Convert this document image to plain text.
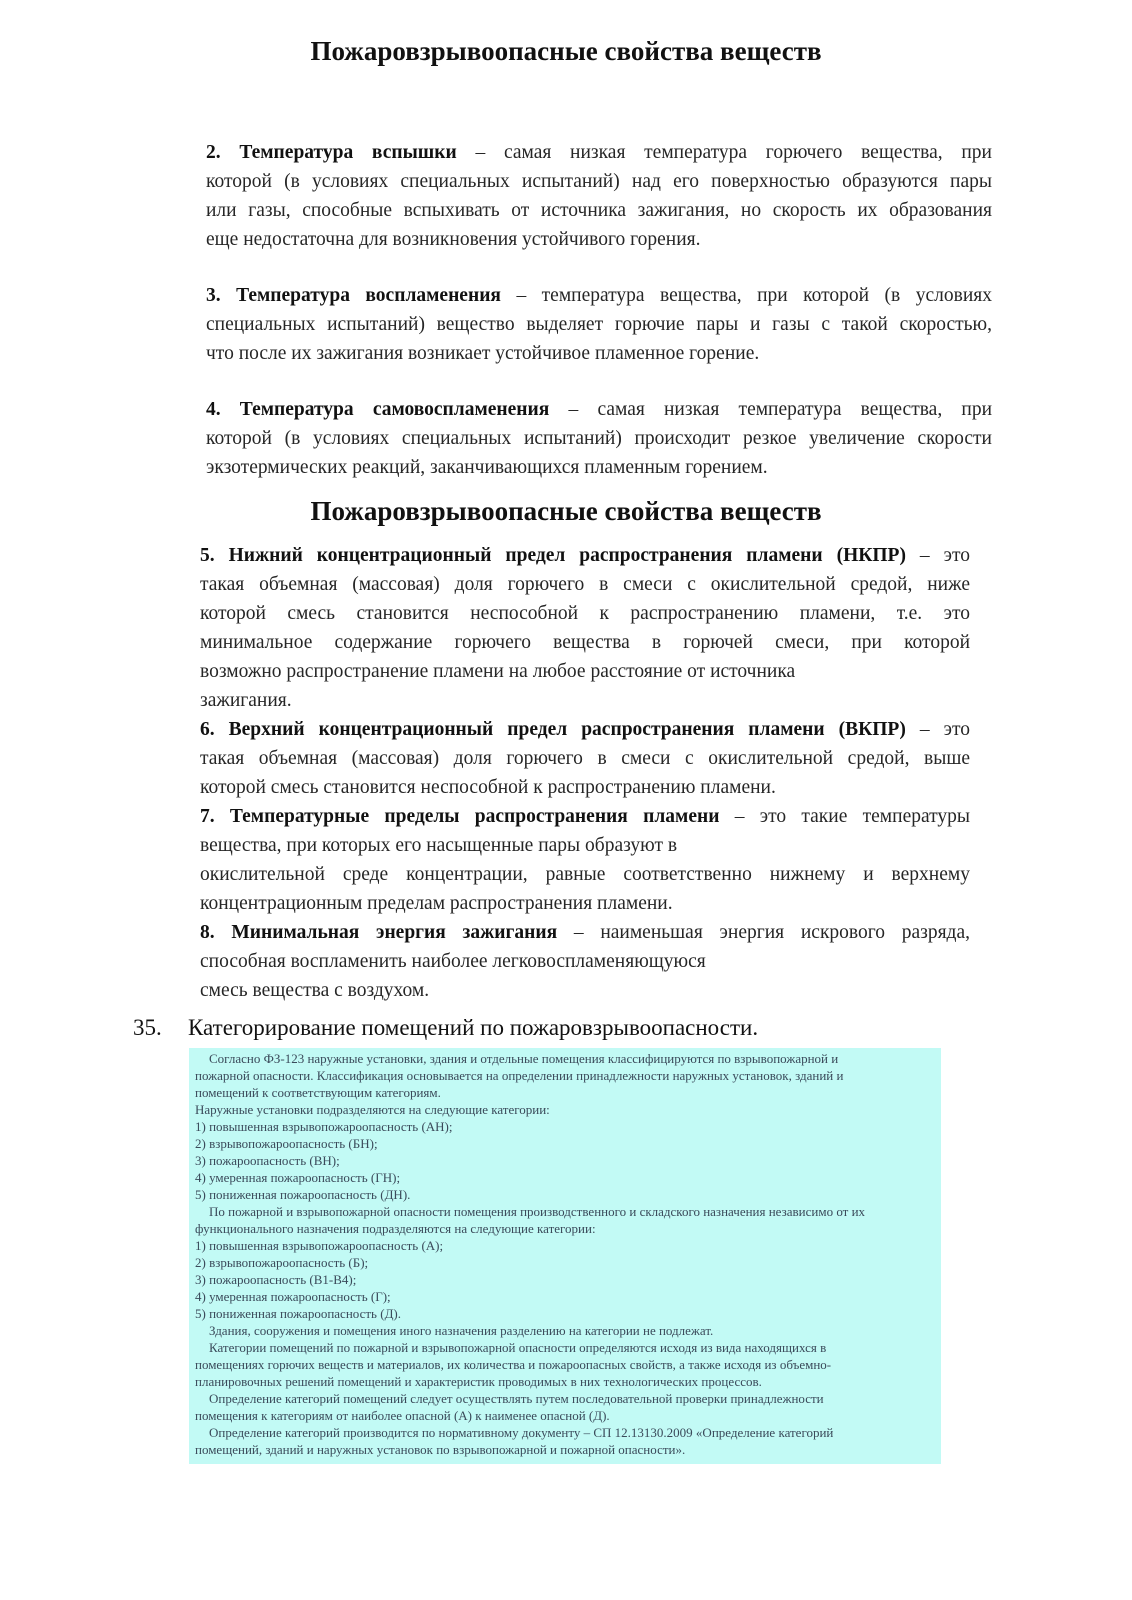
Пожаровзрывоопасные свойства веществ
2. Температура вспышки – самая низкая температура горючего вещества, при
которой (в условиях специальных испытаний) над его поверхностью образуются пары
или газы, способные вспыхивать от источника зажигания, но скорость их образования
еще недостаточна для возникновения устойчивого горения.
3. Температура воспламенения – температура вещества, при которой (в условиях
специальных испытаний) вещество выделяет горючие пары и газы с такой скоростью,
что после их зажигания возникает устойчивое пламенное горение.
4. Температура самовоспламенения – самая низкая температура вещества, при
которой (в условиях специальных испытаний) происходит резкое увеличение скорости
экзотермических реакций, заканчивающихся пламенным горением.
Пожаровзрывоопасные свойства веществ
5. Нижний концентрационный предел распространения пламени (НКПР) – это
такая объемная (массовая) доля горючего в смеси с окислительной средой, ниже
которой смесь становится неспособной к распространению пламени, т.е. это
минимальное содержание горючего вещества в горючей смеси, при которой
возможно распространение пламени на любое расстояние от источника
зажигания.
6. Верхний концентрационный предел распространения пламени (ВКПР) – это
такая объемная (массовая) доля горючего в смеси с окислительной средой, выше
которой смесь становится неспособной к распространению пламени.
7. Температурные пределы распространения пламени – это такие температуры
вещества, при которых его насыщенные пары образуют в
окислительной среде концентрации, равные соответственно нижнему и верхнему
концентрационным пределам распространения пламени.
8. Минимальная энергия зажигания – наименьшая энергия искрового разряда,
способная воспламенить наиболее легковоспламеняющуюся
смесь вещества с воздухом.
35. Категорирование помещений по пожаровзрывоопасности.
Согласно ФЗ-123 наружные установки, здания и отдельные помещения классифицируются по взрывопожарной и
пожарной опасности. Классификация основывается на определении принадлежности наружных установок, зданий и
помещений к соответствующим категориям.
Наружные установки подразделяются на следующие категории:
1) повышенная взрывопожароопасность (АН);
2) взрывопожароопасность (БН);
3) пожароопасность (ВН);
4) умеренная пожароопасность (ГН);
5) пониженная пожароопасность (ДН).
По пожарной и взрывопожарной опасности помещения производственного и складского назначения независимо от их
функционального назначения подразделяются на следующие категории:
1) повышенная взрывопожароопасность (А);
2) взрывопожароопасность (Б);
3) пожароопасность (В1-В4);
4) умеренная пожароопасность (Г);
5) пониженная пожароопасность (Д).
Здания, сооружения и помещения иного назначения разделению на категории не подлежат.
Категории помещений по пожарной и взрывопожарной опасности определяются исходя из вида находящихся в
помещениях горючих веществ и материалов, их количества и пожароопасных свойств, а также исходя из объемно-
планировочных решений помещений и характеристик проводимых в них технологических процессов.
Определение категорий помещений следует осуществлять путем последовательной проверки принадлежности
помещения к категориям от наиболее опасной (А) к наименее опасной (Д).
Определение категорий производится по нормативному документу – СП 12.13130.2009 «Определение категорий
помещений, зданий и наружных установок по взрывопожарной и пожарной опасности».
